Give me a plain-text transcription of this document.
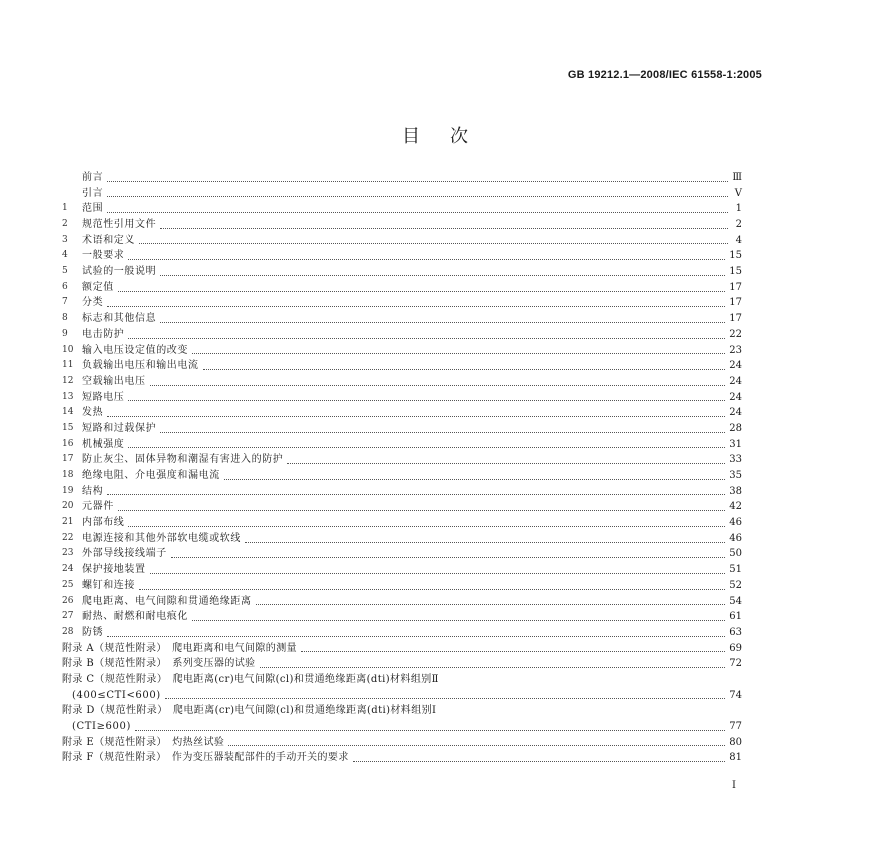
GB 19212.1—2008/IEC 61558-1:2005
目次
前言	Ⅲ
引言	Ⅴ
1	范围	1
2	规范性引用文件	2
3	术语和定义	4
4	一般要求	15
5	试验的一般说明	15
6	额定值	17
7	分类	17
8	标志和其他信息	17
9	电击防护	22
10 输入电压设定值的改变	23
11 负载输出电压和输出电流	24
12 空载输出电压	24
13 短路电压	24
14 发热	24
15 短路和过载保护	28
16 机械强度	31
17 防止灰尘、固体异物和潮湿有害进入的防护	33
18 绝缘电阻、介电强度和漏电流	35
19 结构	38
20 元器件	42
21 内部布线	46
22 电源连接和其他外部软电缆或软线	46
23 外部导线接线端子	50
24 保护接地装置	51
25 螺钉和连接	52
26 爬电距离、电气间隙和贯通绝缘距离	54
27 耐热、耐燃和耐电痕化	61
28 防锈	63
附录 A（规范性附录）　爬电距离和电气间隙的测量	69
附录 B（规范性附录）　系列变压器的试验	72
附录 C（规范性附录）　爬电距离(cr)电气间隙(cl)和贯通绝缘距离(dti)材料组别Ⅱ
(400≤CTI<600)	74
附录 D（规范性附录）　爬电距离(cr)电气间隙(cl)和贯通绝缘距离(dti)材料组别Ⅰ
(CTI≥600)	77
附录 E（规范性附录）　灼热丝试验	80
附录 F（规范性附录）　作为变压器装配部件的手动开关的要求	81
Ⅰ
